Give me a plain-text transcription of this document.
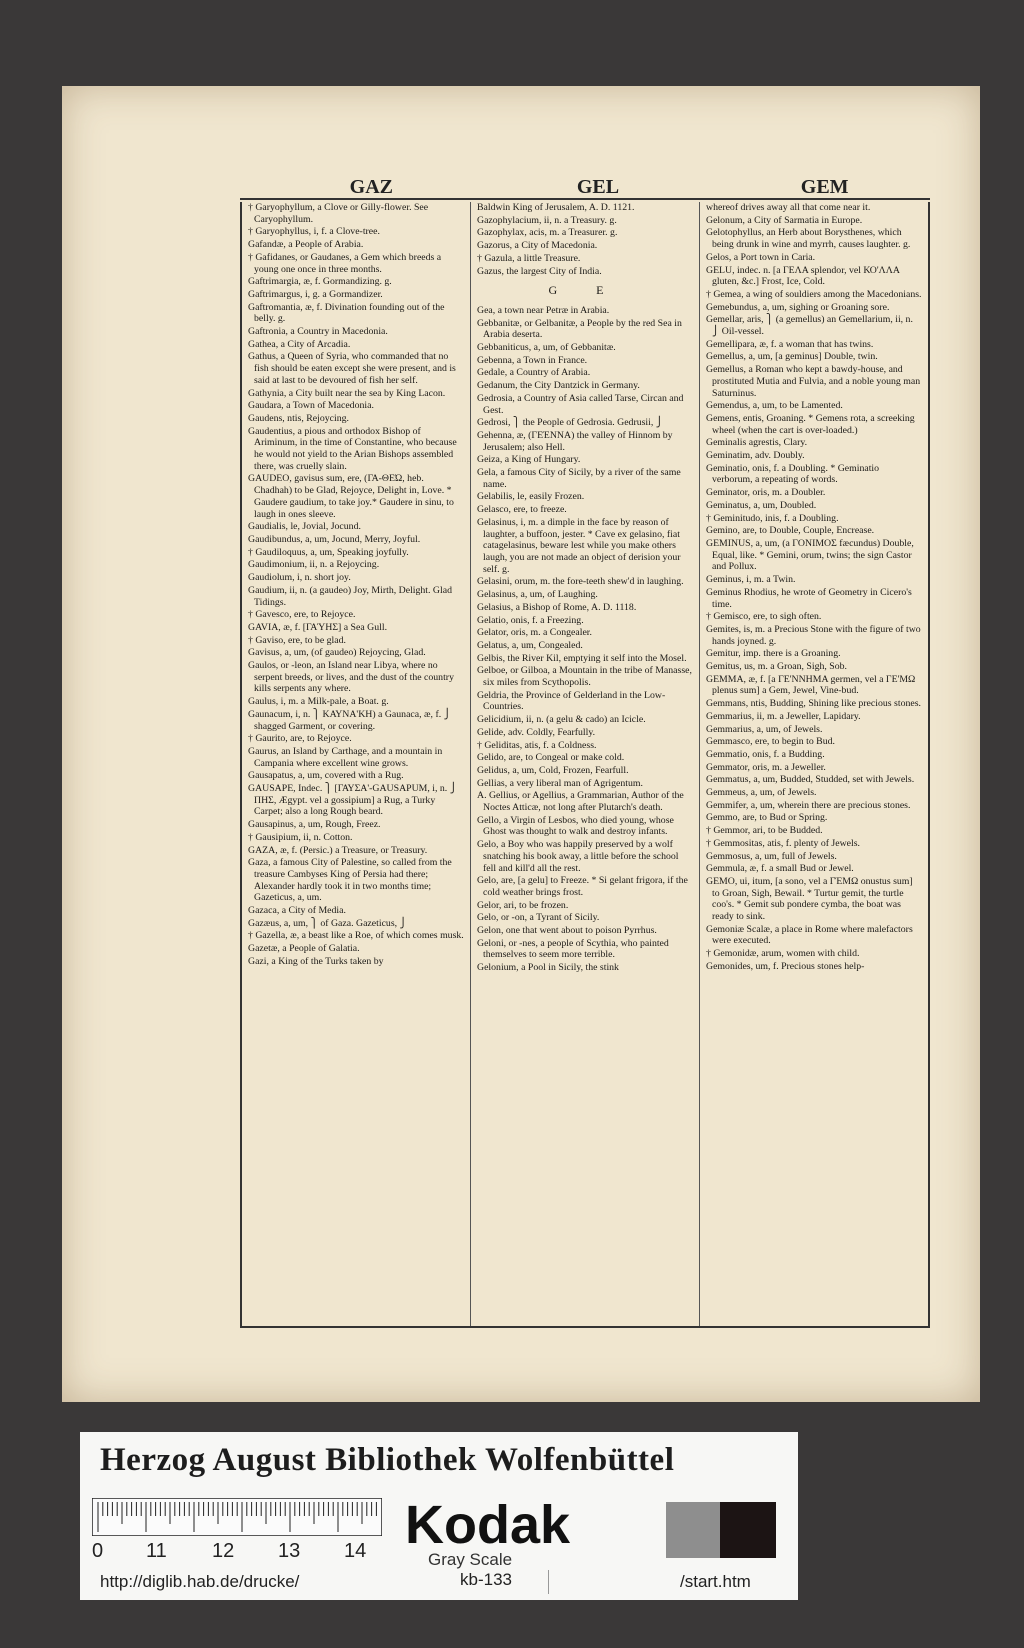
GAZ	GEL	GEM
† Garyophyllum, a Clove or Gilly-flower. See Caryophyllum.
† Garyophyllus, i, f. a Clove-tree.
Gafandæ, a People of Arabia.
† Gafidanes, or Gaudanes, a Gem which breeds a young one once in three months.
Gaftrimargia, æ, f. Gormandizing. g.
Gaftrimargus, i, g. a Gormandizer.
Gaftromantia, æ, f. Divination founding out of the belly. g.
Gaftronia, a Country in Macedonia.
Gathea, a City of Arcadia.
Gathus, a Queen of Syria, who commanded that no fish should be eaten except she were present, and is said at last to be devoured of fish her self.
Gathynia, a City built near the sea by King Lacon.
Gaudara, a Town of Macedonia.
Gaudens, ntis, Rejoycing.
Gaudentius, a pious and orthodox Bishop of Ariminum, in the time of Constantine, who because he would not yield to the Arian Bishops assembled there, was cruelly slain.
GAUDEO, gavisus sum, ere, (ΓΑ-ΘΕΏ, heb. Chadhah) to be Glad, Rejoyce, Delight in, Love. * Gaudere gaudium, to take joy.* Gaudere in sinu, to laugh in ones sleeve.
Gaudialis, le, Jovial, Jocund.
Gaudibundus, a, um, Jocund, Merry, Joyful.
† Gaudiloquus, a, um, Speaking joyfully.
Gaudimonium, ii, n. a Rejoycing.
Gaudiolum, i, n. short joy.
Gaudium, ii, n. (a gaudeo) Joy, Mirth, Delight. Glad Tidings.
† Gavesco, ere, to Rejoyce.
GAVIA, æ, f. [ΓΑΎΗΣ] a Sea Gull.
† Gaviso, ere, to be glad.
Gavisus, a, um, (of gaudeo) Rejoycing, Glad.
Gaulos, or -leon, an Island near Libya, where no serpent breeds, or lives, and the dust of the country kills serpents any where.
Gaulus, i, m. a Milk-pale, a Boat. g.
Gaunacum, i, n. ⎫ ΚΑΥΝΑ'ΚΗ) a Gaunaca, æ, f. ⎭ shagged Garment, or covering.
† Gaurito, are, to Rejoyce.
Gaurus, an Island by Carthage, and a mountain in Campania where excellent wine grows.
Gausapatus, a, um, covered with a Rug.
GAUSAPE, Indec. ⎫ [ΓΑΥΣΑ'-GAUSAPUM, i, n. ⎭ ΠΗΣ, Ægypt. vel a gossipium] a Rug, a Turky Carpet; also a long Rough beard.
Gausapinus, a, um, Rough, Freez.
† Gausipium, ii, n. Cotton.
GAZA, æ, f. (Persic.) a Treasure, or Treasury.
Gaza, a famous City of Palestine, so called from the treasure Cambyses King of Persia had there; Alexander hardly took it in two months time; Gazeticus, a, um.
Gazaca, a City of Media.
Gazæus, a, um, ⎫ of Gaza. Gazeticus, ⎭
† Gazella, æ, a beast like a Roe, of which comes musk.
Gazetæ, a People of Galatia.
Gazi, a King of the Turks taken by
Baldwin King of Jerusalem, A. D. 1121.
Gazophylacium, ii, n. a Treasury. g.
Gazophylax, acis, m. a Treasurer. g.
Gazorus, a City of Macedonia.
† Gazula, a little Treasure.
Gazus, the largest City of India.
G E
Gea, a town near Petræ in Arabia.
Gebbanitæ, or Gelbanitæ, a People by the red Sea in Arabia deserta.
Gebbaniticus, a, um, of Gebbanitæ.
Gebenna, a Town in France.
Gedale, a Country of Arabia.
Gedanum, the City Dantzick in Germany.
Gedrosia, a Country of Asia called Tarse, Circan and Gest.
Gedrosi, ⎫ the People of Gedrosia. Gedrusii, ⎭
Gehenna, æ, (ΓΕΈΝΝΑ) the valley of Hinnom by Jerusalem; also Hell.
Geiza, a King of Hungary.
Gela, a famous City of Sicily, by a river of the same name.
Gelabilis, le, easily Frozen.
Gelasco, ere, to freeze.
Gelasinus, i, m. a dimple in the face by reason of laughter, a buffoon, jester. * Cave ex gelasino, fiat catagelasinus, beware lest while you make others laugh, you are not made an object of derision your self. g.
Gelasini, orum, m. the fore-teeth shew'd in laughing.
Gelasinus, a, um, of Laughing.
Gelasius, a Bishop of Rome, A. D. 1118.
Gelatio, onis, f. a Freezing.
Gelator, oris, m. a Congealer.
Gelatus, a, um, Congealed.
Gelbis, the River Kil, emptying it self into the Mosel.
Gelboe, or Gilboa, a Mountain in the tribe of Manasse, six miles from Scythopolis.
Geldria, the Province of Gelderland in the Low-Countries.
Gelicidium, ii, n. (a gelu & cado) an Icicle.
Gelide, adv. Coldly, Fearfully.
† Geliditas, atis, f. a Coldness.
Gelido, are, to Congeal or make cold.
Gelidus, a, um, Cold, Frozen, Fearfull.
Gellias, a very liberal man of Agrigentum.
A. Gellius, or Agellius, a Grammarian, Author of the Noctes Atticæ, not long after Plutarch's death.
Gello, a Virgin of Lesbos, who died young, whose Ghost was thought to walk and destroy infants.
Gelo, a Boy who was happily preserved by a wolf snatching his book away, a little before the school fell and kill'd all the rest.
Gelo, are, [a gelu] to Freeze. * Si gelant frigora, if the cold weather brings frost.
Gelor, ari, to be frozen.
Gelo, or -on, a Tyrant of Sicily.
Gelon, one that went about to poison Pyrrhus.
Geloni, or -nes, a people of Scythia, who painted themselves to seem more terrible.
Gelonium, a Pool in Sicily, the stink
whereof drives away all that come near it.
Gelonum, a City of Sarmatia in Europe.
Gelotophyllus, an Herb about Borysthenes, which being drunk in wine and myrrh, causes laughter. g.
Gelos, a Port town in Caria.
GELU, indec. n. [a ΓΕΛΑ splendor, vel ΚΟ'ΛΛΑ gluten, &c.] Frost, Ice, Cold.
† Gemea, a wing of souldiers among the Macedonians.
Gemebundus, a, um, sighing or Groaning sore.
Gemellar, aris, ⎫ (a gemellus) an Gemellarium, ii, n. ⎭ Oil-vessel.
Gemellipara, æ, f. a woman that has twins.
Gemellus, a, um, [a geminus] Double, twin.
Gemellus, a Roman who kept a bawdy-house, and prostituted Mutia and Fulvia, and a noble young man Saturninus.
Gemendus, a, um, to be Lamented.
Gemens, entis, Groaning. * Gemens rota, a screeking wheel (when the cart is over-loaded.)
Geminalis agrestis, Clary.
Geminatim, adv. Doubly.
Geminatio, onis, f. a Doubling. * Geminatio verborum, a repeating of words.
Geminator, oris, m. a Doubler.
Geminatus, a, um, Doubled.
† Geminitudo, inis, f. a Doubling.
Gemino, are, to Double, Couple, Encrease.
GEMINUS, a, um, (a ΓΟΝΙΜΟΣ fæcundus) Double, Equal, like. * Gemini, orum, twins; the sign Castor and Pollux.
Geminus, i, m. a Twin.
Geminus Rhodius, he wrote of Geometry in Cicero's time.
† Gemisco, ere, to sigh often.
Gemites, is, m. a Precious Stone with the figure of two hands joyned. g.
Gemitur, imp. there is a Groaning.
Gemitus, us, m. a Groan, Sigh, Sob.
GEMMA, æ, f. [a ΓΕ'ΝΝΗΜΑ germen, vel a ΓΕ'ΜΩ plenus sum] a Gem, Jewel, Vine-bud.
Gemmans, ntis, Budding, Shining like precious stones.
Gemmarius, ii, m. a Jeweller, Lapidary.
Gemmarius, a, um, of Jewels.
Gemmasco, ere, to begin to Bud.
Gemmatio, onis, f. a Budding.
Gemmator, oris, m. a Jeweller.
Gemmatus, a, um, Budded, Studded, set with Jewels.
Gemmeus, a, um, of Jewels.
Gemmifer, a, um, wherein there are precious stones.
Gemmo, are, to Bud or Spring.
† Gemmor, ari, to be Budded.
† Gemmositas, atis, f. plenty of Jewels.
Gemmosus, a, um, full of Jewels.
Gemmula, æ, f. a small Bud or Jewel.
GEMO, ui, itum, [a sono, vel a ΓΈΜΩ onustus sum] to Groan, Sigh, Bewail. * Turtur gemit, the turtle coo's. * Gemit sub pondere cymba, the boat was ready to sink.
Gemoniæ Scalæ, a place in Rome where malefactors were executed.
† Gemonidæ, arum, women with child.
Gemonides, um, f. Precious stones help-
Herzog August Bibliothek Wolfenbüttel
0 11 12 13 14 Kodak
Gray Scale
http://diglib.hab.de/drucke/	kb-133	/start.htm
